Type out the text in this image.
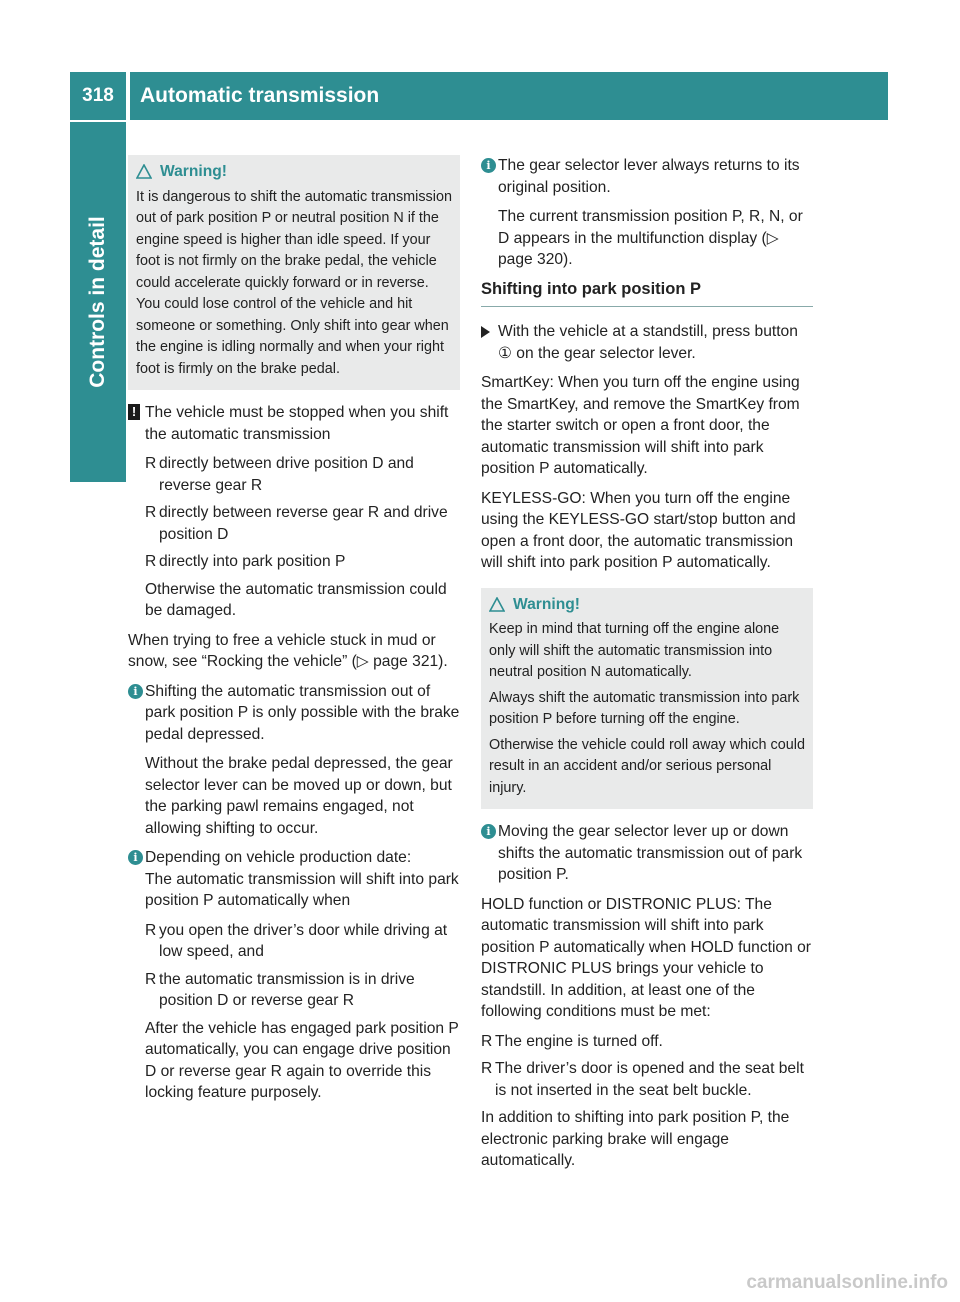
318	Automatic transmission
Controls in detail
Warning!

It is dangerous to shift the automatic transmission out of park position P or neutral position N if the engine speed is higher than idle speed. If your foot is not firmly on the brake pedal, the vehicle could accelerate quickly forward or in reverse. You could lose control of the vehicle and hit someone or something. Only shift into gear when the engine is idling normally and when your right foot is firmly on the brake pedal.

! The vehicle must be stopped when you shift the automatic transmission

R directly between drive position D and reverse gear R
R directly between reverse gear R and drive position D
R directly into park position P

Otherwise the automatic transmission could be damaged.

When trying to free a vehicle stuck in mud or snow, see “Rocking the vehicle” (▷ page 321).

i Shifting the automatic transmission out of park position P is only possible with the brake pedal depressed.

Without the brake pedal depressed, the gear selector lever can be moved up or down, but the parking pawl remains engaged, not allowing shifting to occur.

i Depending on vehicle production date:

The automatic transmission will shift into park position P automatically when

R you open the driver’s door while driving at low speed, and
R the automatic transmission is in drive position D or reverse gear R

After the vehicle has engaged park position P automatically, you can engage drive position D or reverse gear R again to override this locking feature purposely.

i The gear selector lever always returns to its original position.

The current transmission position P, R, N, or D appears in the multifunction display (▷ page 320).

Shifting into park position P

With the vehicle at a standstill, press button ① on the gear selector lever.

SmartKey: When you turn off the engine using the SmartKey, and remove the SmartKey from the starter switch or open a front door, the automatic transmission will shift into park position P automatically.

KEYLESS-GO: When you turn off the engine using the KEYLESS-GO start/stop button and open a front door, the automatic transmission will shift into park position P automatically.

Warning!

Keep in mind that turning off the engine alone only will shift the automatic transmission into neutral position N automatically.

Always shift the automatic transmission into park position P before turning off the engine.

Otherwise the vehicle could roll away which could result in an accident and/or serious personal injury.

i Moving the gear selector lever up or down shifts the automatic transmission out of park position P.

HOLD function or DISTRONIC PLUS: The automatic transmission will shift into park position P automatically when HOLD function or DISTRONIC PLUS brings your vehicle to standstill. In addition, at least one of the following conditions must be met:

R The engine is turned off.
R The driver’s door is opened and the seat belt is not inserted in the seat belt buckle.

In addition to shifting into park position P, the electronic parking brake will engage automatically.

carmanualsonline.info
